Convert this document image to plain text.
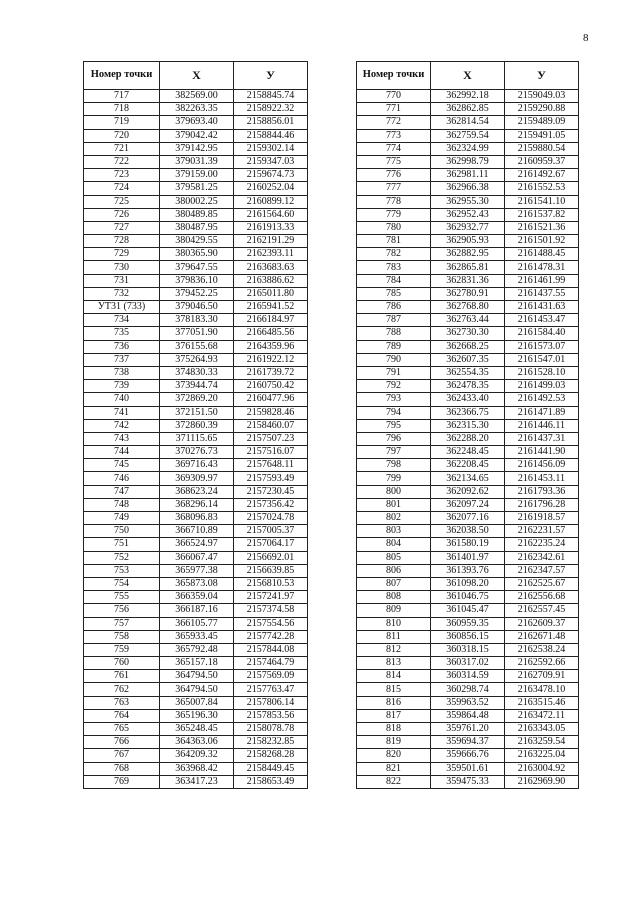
8
Номер точки	Х	У
717	382569.00	2158845.74
718	382263.35	2158922.32
719	379693.40	2158856.01
720	379042.42	2158844.46
721	379142.95	2159302.14
722	379031.39	2159347.03
723	379159.00	2159674.73
724	379581.25	2160252.04
725	380002.25	2160899.12
726	380489.85	2161564.60
727	380487.95	2161913.33
728	380429.55	2162191.29
729	380365.90	2162393.11
730	379647.55	2163683.63
731	379836.10	2163886.62
732	379452.25	2165011.80
УТ31 (733)	379046.50	2165941.52
734	378183.30	2166184.97
735	377051.90	2166485.56
736	376155.68	2164359.96
737	375264.93	2161922.12
738	374830.33	2161739.72
739	373944.74	2160750.42
740	372869.20	2160477.96
741	372151.50	2159828.46
742	372860.39	2158460.07
743	371115.65	2157507.23
744	370276.73	2157516.07
745	369716.43	2157648.11
746	369309.97	2157593.49
747	368623.24	2157230.45
748	368296.14	2157356.42
749	368096.83	2157024.78
750	366710.89	2157005.37
751	366524.97	2157064.17
752	366067.47	2156692.01
753	365977.38	2156639.85
754	365873.08	2156810.53
755	366359.04	2157241.97
756	366187.16	2157374.58
757	366105.77	2157554.56
758	365933.45	2157742.28
759	365792.48	2157844.08
760	365157.18	2157464.79
761	364794.50	2157569.09
762	364794.50	2157763.47
763	365007.84	2157806.14
764	365196.30	2157853.56
765	365248.45	2158078.78
766	364363.06	2158232.85
767	364209.32	2158268.28
768	363968.42	2158449.45
769	363417.23	2158653.49
Номер точки	Х	У
770	362992.18	2159049.03
771	362862.85	2159290.88
772	362814.54	2159489.09
773	362759.54	2159491.05
774	362324.99	2159880.54
775	362998.79	2160959.37
776	362981.11	2161492.67
777	362966.38	2161552.53
778	362955.30	2161541.10
779	362952.43	2161537.82
780	362932.77	2161521.36
781	362905.93	2161501.92
782	362882.95	2161488.45
783	362865.81	2161478.31
784	362831.36	2161461.99
785	362780.91	2161437.55
786	362768.80	2161431.63
787	362763.44	2161453.47
788	362730.30	2161584.40
789	362668.25	2161573.07
790	362607.35	2161547.01
791	362554.35	2161528.10
792	362478.35	2161499.03
793	362433.40	2161492.53
794	362366.75	2161471.89
795	362315.30	2161446.11
796	362288.20	2161437.31
797	362248.45	2161441.90
798	362208.45	2161456.09
799	362134.65	2161453.11
800	362092.62	2161793.36
801	362097.24	2161796.28
802	362077.16	2161918.57
803	362038.50	2162231.57
804	361580.19	2162235.24
805	361401.97	2162342.61
806	361393.76	2162347.57
807	361098.20	2162525.67
808	361046.75	2162556.68
809	361045.47	2162557.45
810	360959.35	2162609.37
811	360856.15	2162671.48
812	360318.15	2162538.24
813	360317.02	2162592.66
814	360314.59	2162709.91
815	360298.74	2163478.10
816	359963.52	2163515.46
817	359864.48	2163472.11
818	359761.20	2163343.05
819	359694.37	2163259.54
820	359666.76	2163225.04
821	359501.61	2163004.92
822	359475.33	2162969.90
